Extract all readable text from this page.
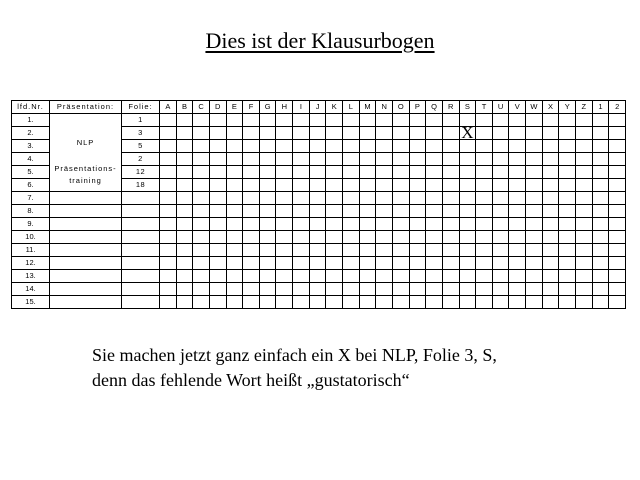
Dies ist der Klausurbogen
lfd.Nr.	Präsentation:	Folie:	A	B	C	D	E	F	G	H	I	J	K	L	M	N	O	P	Q	R	S	T	U	V	W	X	Y	Z	1	2
1.	NLP
Präsentations-
training	1																												
2.		3																			X									
3.		5																												
4.		2																												
5.		12																												
6.		18																												
7.																														
8.																														
9.																														
10.																														
11.																														
12.																														
13.																														
14.																														
15.																														
Sie machen jetzt ganz einfach ein X bei NLP, Folie 3, S,
denn das fehlende Wort heißt „gustatorisch“
